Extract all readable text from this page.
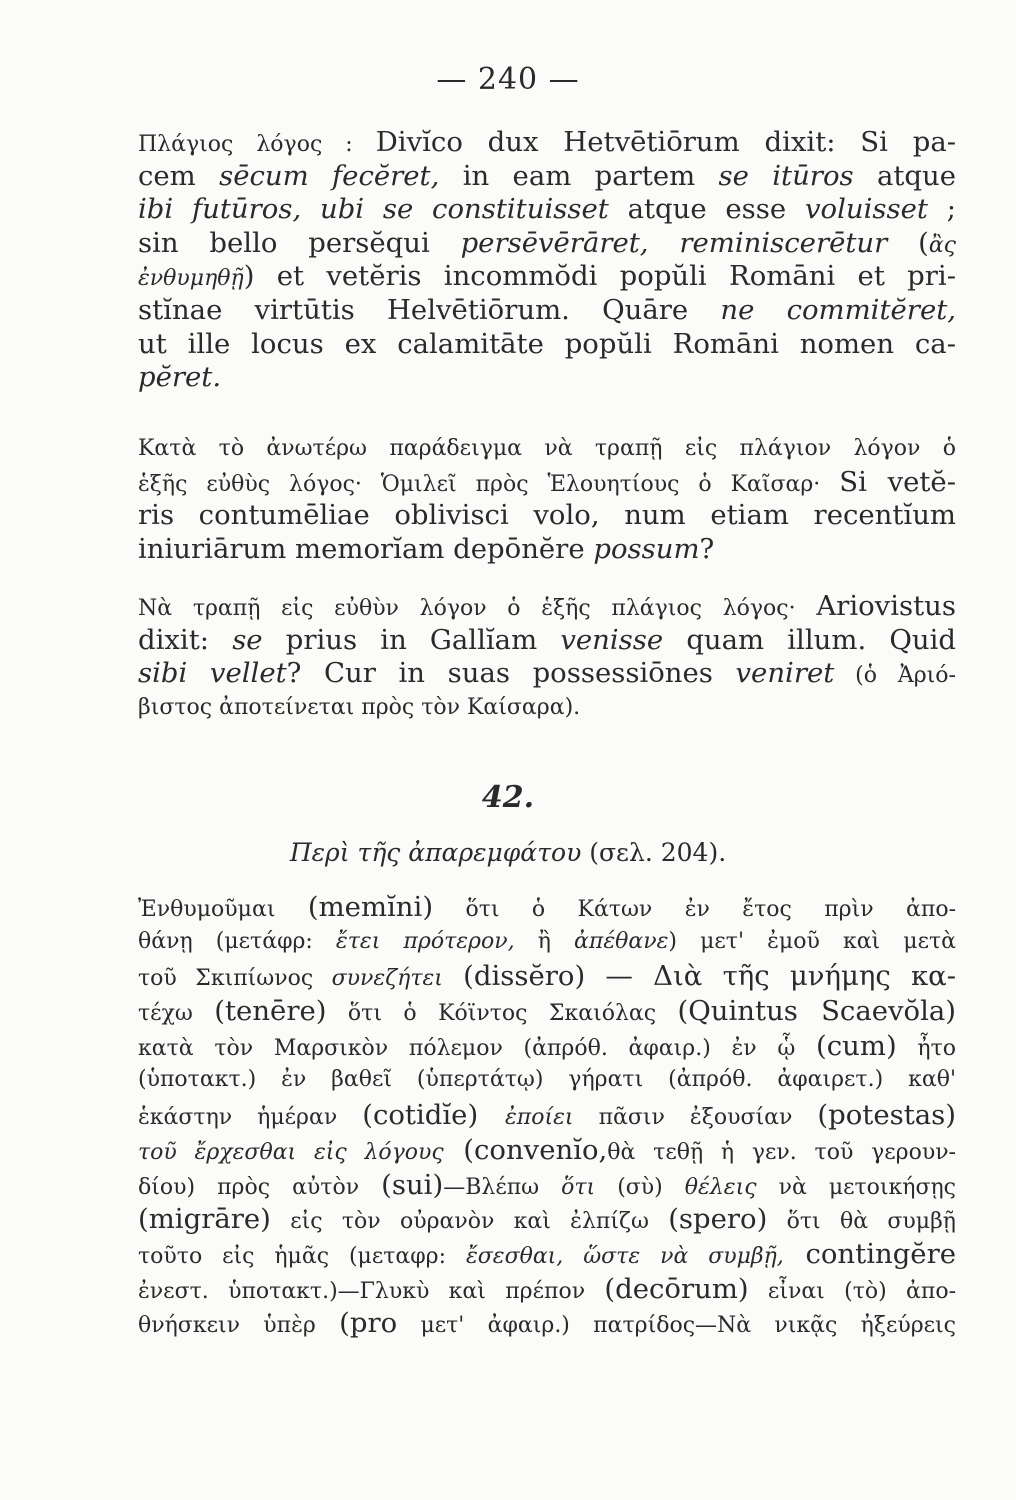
— 240 —
Πλάγιος λόγος : Divĭco dux Hetvētiōrum dixit: Si pa-
cem sēcum fecĕret, in eam partem se itūros atque
ibi futūros, ubi se constituisset atque esse voluisset ;
sin bello persĕqui persēvērāret, reminiscerētur (ἂς
ἐνθυμηθῇ) et vetĕris incommŏdi popŭli Romāni et pri-
stĭnae virtūtis Helvētiōrum. Quāre ne commitĕret,
ut ille locus ex calamitāte popŭli Romāni nomen ca-
pĕret.
Κατὰ τὸ ἀνωτέρω παράδειγμα νὰ τραπῇ εἰς πλάγιον λόγον ὁ
ἑξῆς εὐθὺς λόγος· Ὁμιλεῖ πρὸς Ἑλουητίους ὁ Καῖσαρ· Si vetĕ-
ris contumēliae oblivisci volo, num etiam recentĭum
iniuriārum memorĭam depōnĕre possum?
Νὰ τραπῇ εἰς εὐθὺν λόγον ὁ ἑξῆς πλάγιος λόγος· Ariovistus
dixit: se prius in Gallĭam venisse quam illum. Quid
sibi vellet? Cur in suas possessiōnes veniret (ὁ Ἀριό-
βιστος ἀποτείνεται πρὸς τὸν Καίσαρα).
42.
Περὶ τῆς ἀπαρεμφάτου (σελ. 204).
Ἐνθυμοῦμαι (memĭni) ὅτι ὁ Κάτων ἐν ἔτος πρὶν ἀπο-
θάνῃ (μετάφρ: ἔτει πρότερον, ἢ ἀπέθανε) μετ' ἐμοῦ καὶ μετὰ
τοῦ Σκιπίωνος συνεζήτει (dissĕro) — Διὰ τῆς μνήμης κα-
τέχω (tenēre) ὅτι ὁ Κόϊντος Σκαιόλας (Quintus Scaevŏla)
κατὰ τὸν Μαρσικὸν πόλεμον (ἀπρόθ. ἀφαιρ.) ἐν ᾧ (cum) ἦτο
(ὑποτακτ.) ἐν βαθεῖ (ὑπερτάτῳ) γήρατι (ἀπρόθ. ἀφαιρετ.) καθ'
ἑκάστην ἡμέραν (cotidĭe) ἐποίει πᾶσιν ἐξουσίαν (potestas)
τοῦ ἔρχεσθαι εἰς λόγους (convenĭo,θὰ τεθῇ ἡ γεν. τοῦ γερουν-
δίου) πρὸς αὐτὸν (sui)—Βλέπω ὅτι (σὺ) θέλεις νὰ μετοικήσῃς
(migrāre) εἰς τὸν οὐρανὸν καὶ ἐλπίζω (spero) ὅτι θὰ συμβῇ
τοῦτο εἰς ἡμᾶς (μεταφρ: ἔσεσθαι, ὥστε νὰ συμβῇ, contingĕre
ἐνεστ. ὑποτακτ.)—Γλυκὺ καὶ πρέπον (decōrum) εἶναι (τὸ) ἀπο-
θνήσκειν ὑπὲρ (pro μετ' ἀφαιρ.) πατρίδος—Νὰ νικᾷς ἠξεύρεις
